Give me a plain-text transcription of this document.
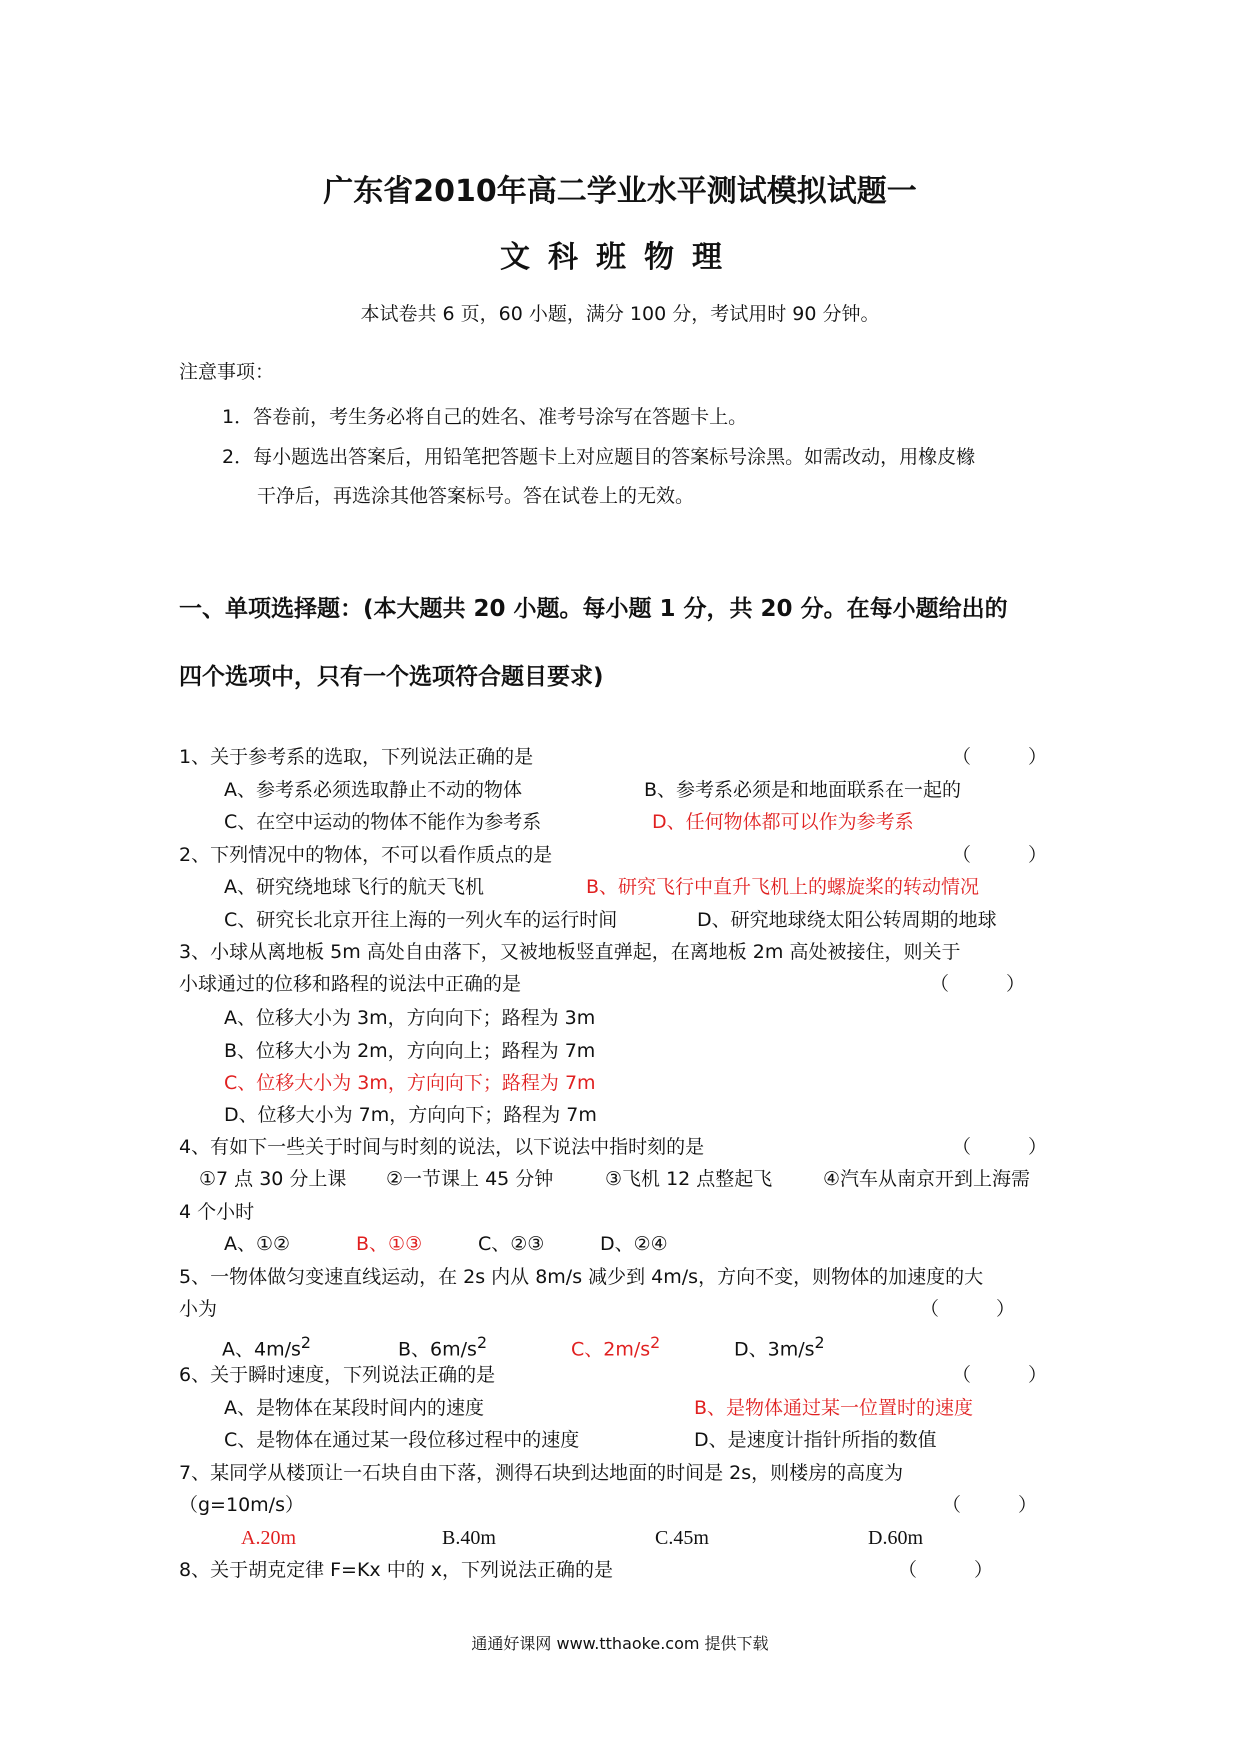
广东省2010年高二学业水平测试模拟试题一
文科班物理
本试卷共 6 页，60 小题，满分 100 分，考试用时 90 分钟。
注意事项：
1．答卷前，考生务必将自己的姓名、准考号涂写在答题卡上。
2．每小题选出答案后，用铅笔把答题卡上对应题目的答案标号涂黑。如需改动，用橡皮橼
干净后，再选涂其他答案标号。答在试卷上的无效。
一、单项选择题：(本大题共 20 小题。每小题 1 分，共 20 分。在每小题给出的
四个选项中，只有一个选项符合题目要求)
1、关于参考系的选取，下列说法正确的是	（　　　）
A、参考系必须选取静止不动的物体	B、参考系必须是和地面联系在一起的
C、在空中运动的物体不能作为参考系	D、任何物体都可以作为参考系
2、下列情况中的物体，不可以看作质点的是	（　　　）
A、研究绕地球飞行的航天飞机	B、研究飞行中直升飞机上的螺旋桨的转动情况
C、研究长北京开往上海的一列火车的运行时间	D、研究地球绕太阳公转周期的地球
3、小球从离地板 5m 高处自由落下，又被地板竖直弹起，在离地板 2m 高处被接住，则关于
小球通过的位移和路程的说法中正确的是	（　　　）
A、位移大小为 3m，方向向下；路程为 3m
B、位移大小为 2m，方向向上；路程为 7m
C、位移大小为 3m，方向向下；路程为 7m
D、位移大小为 7m，方向向下；路程为 7m
4、有如下一些关于时间与时刻的说法，以下说法中指时刻的是	（　　　）
①7 点 30 分上课 ②一节课上 45 分钟	③飞机 12 点整起飞	④汽车从南京开到上海需
4 个小时
A、①②	B、①③	C、②③	D、②④
5、一物体做匀变速直线运动，在 2s 内从 8m/s 减少到 4m/s，方向不变，则物体的加速度的大
小为	（　　　）
A、$4m/s^2$	B、$6m/s^2$	C、$2m/s^2$	D、$3m/s^2$
6、关于瞬时速度，下列说法正确的是	（　　　）
A、是物体在某段时间内的速度	B、是物体通过某一位置时的速度
C、是物体在通过某一段位移过程中的速度	D、是速度计指针所指的数值
7、某同学从楼顶让一石块自由下落，测得石块到达地面的时间是 2s，则楼房的高度为
（g=10m/s）	（　　　）
A.20m	B.40m	C.45m	D.60m
8、关于胡克定律 F=Kx 中的 x，下列说法正确的是	（　　　）
通通好课网 www.tthaoke.com 提供下载
